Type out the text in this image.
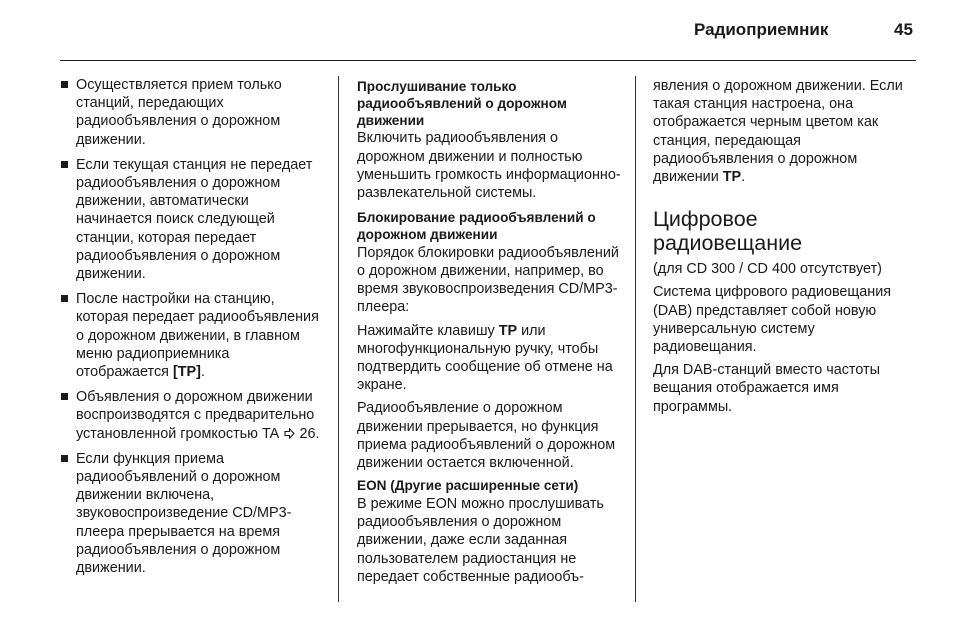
Радиоприемник	45
Осуществляется прием только станций, передающих радиообъявления о дорожном движении.
Если текущая станция не передает радиообъявления о дорожном движении, автоматически начинается поиск следующей станции, которая передает радиообъявления о дорожном движении.
После настройки на станцию, которая передает радиообъявления о дорожном движении, в главном меню радиоприемника отображается [TP].
Объявления о дорожном движении воспроизводятся с предварительно установленной громкостью TA 26.
Если функция приема радиообъявлений о дорожном движении включена, звуковоспроизведение CD/MP3-плеера прерывается на время радиообъявления о дорожном движении.
Прослушивание только радиообъявлений о дорожном движении

Включить радиообъявления о дорожном движении и полностью уменьшить громкость информационно-развлекательной системы.

Блокирование радиообъявлений о дорожном движении

Порядок блокировки радиообъявлений о дорожном движении, например, во время звуковоспроизведения CD/MP3-плеера:

Нажимайте клавишу TP или многофункциональную ручку, чтобы подтвердить сообщение об отмене на экране.

Радиообъявление о дорожном движении прерывается, но функция приема радиообъявлений о дорожном движении остается включенной.

EON (Другие расширенные сети)

В режиме EON можно прослушивать радиообъявления о дорожном движении, даже если заданная пользователем радиостанция не передает собственные радиообъ-

явления о дорожном движении. Если такая станция настроена, она отображается черным цветом как станция, передающая радиообъявления о дорожном движении TP.

Цифровое
радиовещание

(для CD 300 / CD 400 отсутствует)

Система цифрового радиовещания (DAB) представляет собой новую универсальную систему радиовещания.

Для DAB-станций вместо частоты вещания отображается имя программы.
